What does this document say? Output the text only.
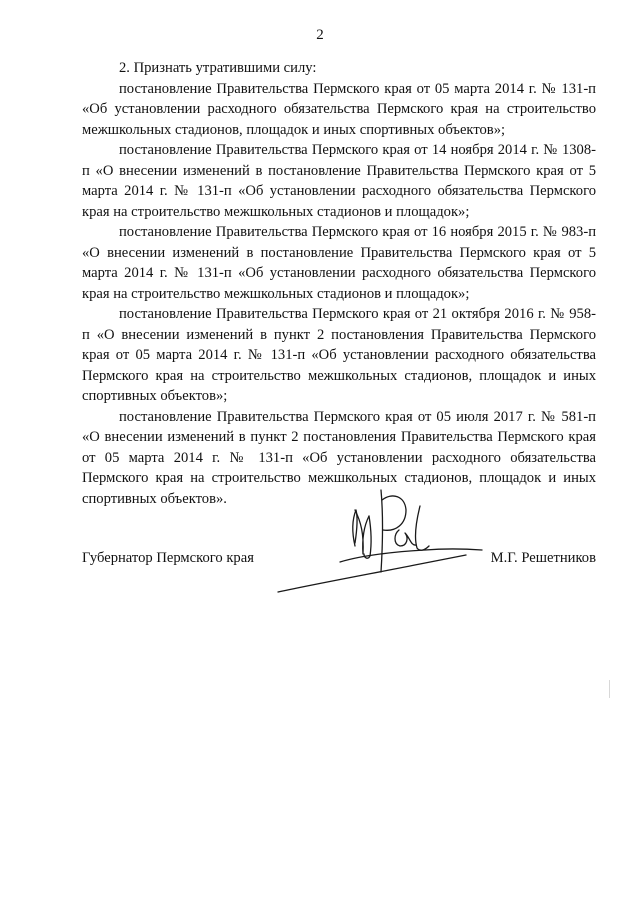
2

2. Признать утратившими силу:

постановление Правительства Пермского края от 05 марта 2014 г. № 131-п «Об установлении расходного обязательства Пермского края на строительство межшкольных стадионов, площадок и иных спортивных объектов»;

постановление Правительства Пермского края от 14 ноября 2014 г. № 1308-п «О внесении изменений в постановление Правительства Пермского края от 5 марта 2014 г. № 131-п «Об установлении расходного обязательства Пермского края на строительство межшкольных стадионов и площадок»;

постановление Правительства Пермского края от 16 ноября 2015 г. № 983-п «О внесении изменений в постановление Правительства Пермского края от 5 марта 2014 г. № 131-п «Об установлении расходного обязательства Пермского края на строительство межшкольных стадионов и площадок»;

постановление Правительства Пермского края от 21 октября 2016 г. № 958-п «О внесении изменений в пункт 2 постановления Правительства Пермского края от 05 марта 2014 г. № 131-п «Об установлении расходного обязательства Пермского края на строительство межшкольных стадионов, площадок и иных спортивных объектов»;

постановление Правительства Пермского края от 05 июля 2017 г. № 581-п «О внесении изменений в пункт 2 постановления Правительства Пермского края от 05 марта 2014 г. № 131-п «Об установлении расходного обязательства Пермского края на строительство межшкольных стадионов, площадок и иных спортивных объектов».

Губернатор Пермского края	М.Г. Решетников
